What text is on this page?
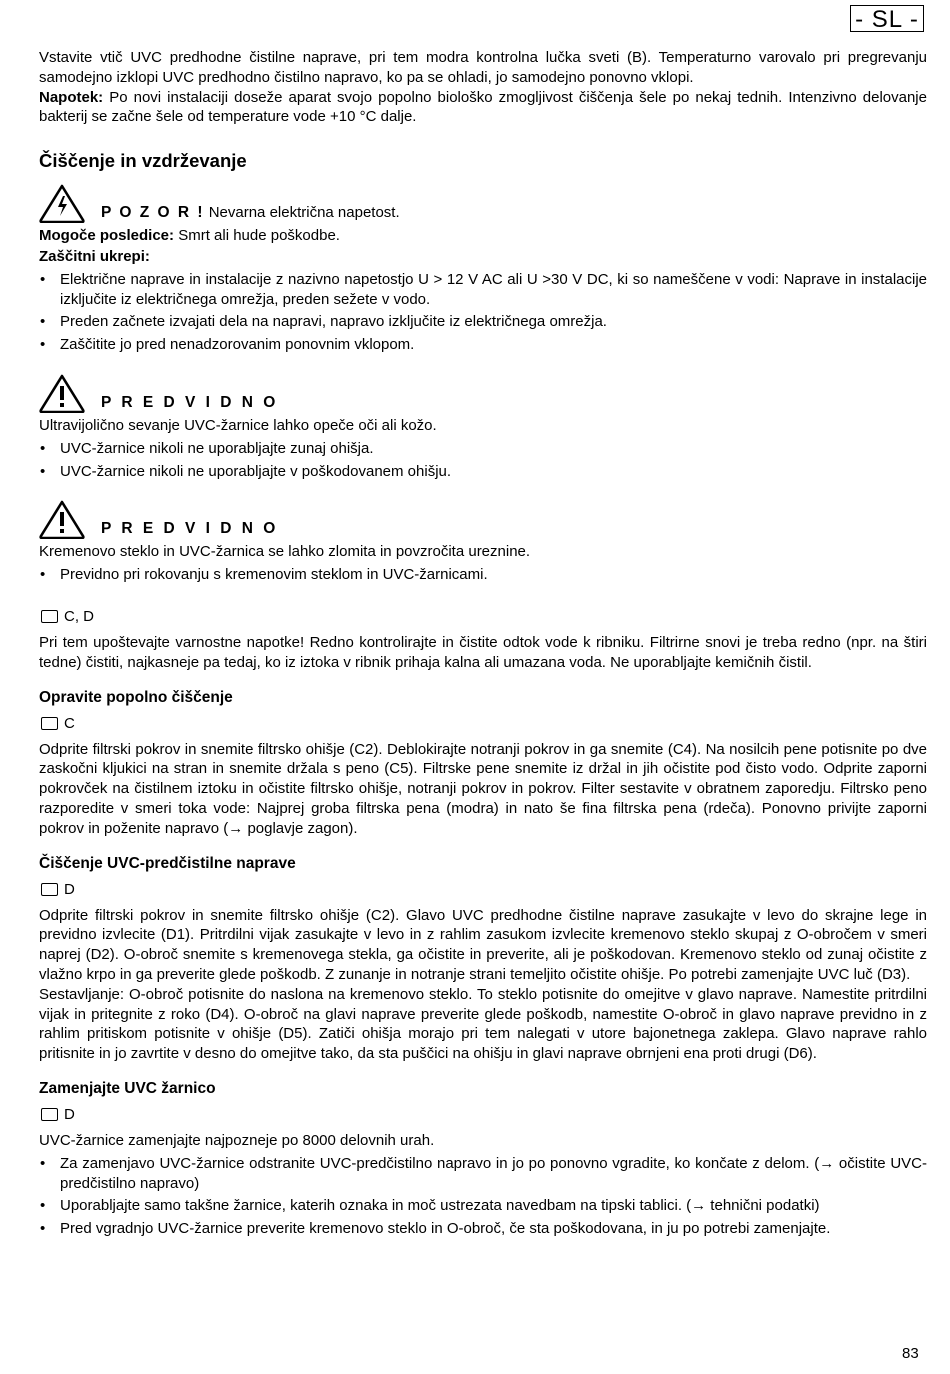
- SL -

Vstavite vtič UVC predhodne čistilne naprave, pri tem modra kontrolna lučka sveti (B). Temperaturno varovalo pri pregrevanju samodejno izklopi UVC predhodno čistilno napravo, ko pa se ohladi, jo samodejno ponovno vklopi.

Napotek: Po novi instalaciji doseže aparat svojo popolno biološko zmogljivost čiščenja šele po nekaj tednih. Intenzivno delovanje bakterij se začne šele od temperature vode +10 °C dalje.

Čiščenje in vzdrževanje

P O Z O R ! Nevarna električna napetost.

Mogoče posledice: Smrt ali hude poškodbe.

Zaščitni ukrepi:

• Električne naprave in instalacije z nazivno napetostjo U > 12 V AC ali U >30 V DC, ki so nameščene v vodi: Naprave in instalacije izključite iz električnega omrežja, preden sežete v vodo.
• Preden začnete izvajati dela na napravi, napravo izključite iz električnega omrežja.
• Zaščitite jo pred nenadzorovanim ponovnim vklopom.
P R E D V I D N O

Ultravijolično sevanje UVC-žarnice lahko opeče oči ali kožo.

• UVC-žarnice nikoli ne uporabljajte zunaj ohišja.
• UVC-žarnice nikoli ne uporabljajte v poškodovanem ohišju.
P R E D V I D N O

Kremenovo steklo in UVC-žarnica se lahko zlomita in povzročita ureznine.

• Previdno pri rokovanju s kremenovim steklom in UVC-žarnicami.
C, D

Pri tem upoštevajte varnostne napotke! Redno kontrolirajte in čistite odtok vode k ribniku. Filtrirne snovi je treba redno (npr. na štiri tedne) čistiti, najkasneje pa tedaj, ko iz iztoka v ribnik prihaja kalna ali umazana voda. Ne uporabljajte kemičnih čistil.

Opravite popolno čiščenje
C

Odprite filtrski pokrov in snemite filtrsko ohišje (C2). Deblokirajte notranji pokrov in ga snemite (C4). Na nosilcih pene potisnite po dve zaskočni kljukici na stran in snemite držala s peno (C5). Filtrske pene snemite iz držal in jih očistite pod čisto vodo. Odprite zaporni pokrovček na čistilnem iztoku in očistite filtrsko ohišje, notranji pokrov in pokrov. Filter sestavite v obratnem zaporedju. Filtrsko peno razporedite v smeri toka vode: Najprej groba filtrska pena (modra) in nato še fina filtrska pena (rdeča). Ponovno privijte zaporni pokrov in poženite napravo (→ poglavje zagon).

Čiščenje UVC-predčistilne naprave
D

Odprite filtrski pokrov in snemite filtrsko ohišje (C2). Glavo UVC predhodne čistilne naprave zasukajte v levo do skrajne lege in previdno izvlecite (D1). Pritrdilni vijak zasukajte v levo in z rahlim zasukom izvlecite kremenovo steklo skupaj z O-obročem v smeri naprej (D2). O-obroč snemite s kremenovega stekla, ga očistite in preverite, ali je poškodovan. Kremenovo steklo od zunaj očistite z vlažno krpo in ga preverite glede poškodb. Z zunanje in notranje strani temeljito očistite ohišje. Po potrebi zamenjajte UVC luč (D3).

Sestavljanje: O-obroč potisnite do naslona na kremenovo steklo. To steklo potisnite do omejitve v glavo naprave. Namestite pritrdilni vijak in pritegnite z roko (D4). O-obroč na glavi naprave preverite glede poškodb, namestite O-obroč in glavo naprave previdno in z rahlim pritiskom potisnite v ohišje (D5). Zatiči ohišja morajo pri tem nalegati v utore bajonetnega zaklepa. Glavo naprave rahlo pritisnite in jo zavrtite v desno do omejitve tako, da sta puščici na ohišju in glavi naprave obrnjeni ena proti drugi (D6).

Zamenjajte UVC žarnico
D

UVC-žarnice zamenjajte najpozneje po 8000 delovnih urah.

• Za zamenjavo UVC-žarnice odstranite UVC-predčistilno napravo in jo po ponovno vgradite, ko končate z delom. (→ očistite UVC-predčistilno napravo)
• Uporabljajte samo takšne žarnice, katerih oznaka in moč ustrezata navedbam na tipski tablici. (→ tehnični podatki)
• Pred vgradnjo UVC-žarnice preverite kremenovo steklo in O-obroč, če sta poškodovana, in ju po potrebi zamenjajte.
83
